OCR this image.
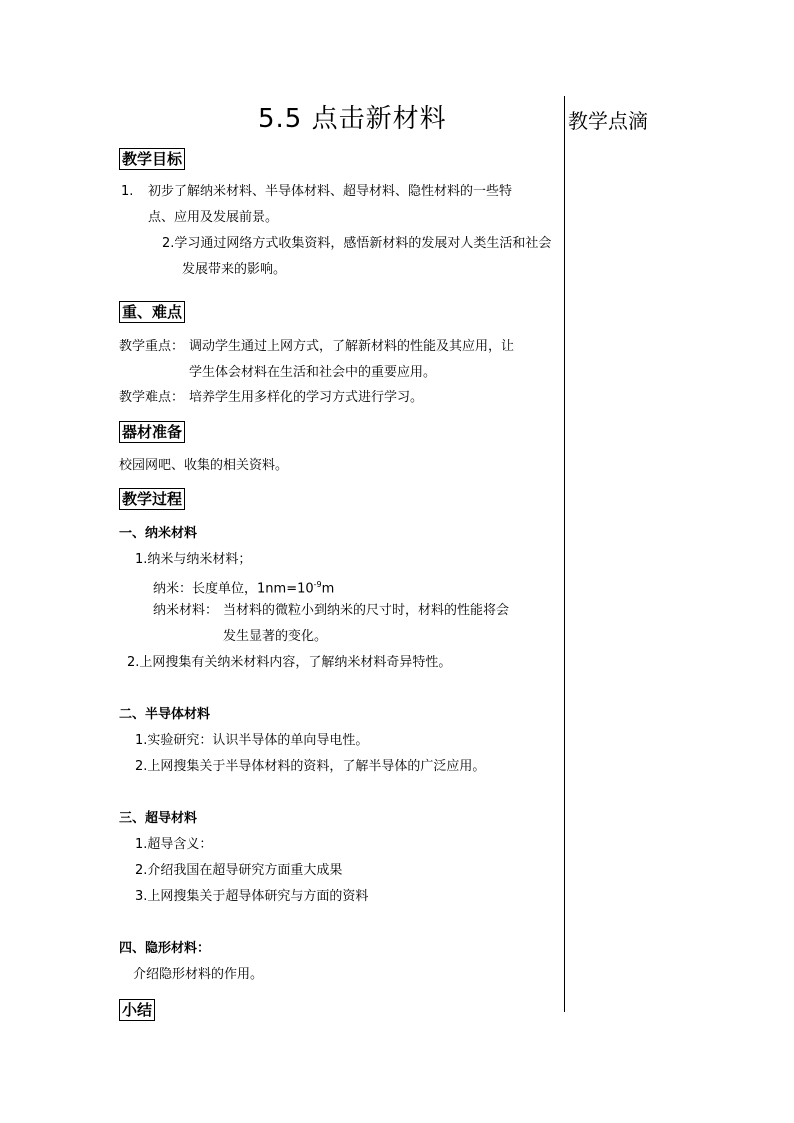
5.5 点击新材料	教学点滴
教学目标
1. 初步了解纳米材料、半导体材料、超导材料、隐性材料的一些特
点、应用及发展前景。
2.学习通过网络方式收集资料，感悟新材料的发展对人类生活和社会
发展带来的影响。
重、难点
教学重点： 调动学生通过上网方式，了解新材料的性能及其应用，让
学生体会材料在生活和社会中的重要应用。
教学难点： 培养学生用多样化的学习方式进行学习。
器材准备
校园网吧、收集的相关资料。
教学过程
一、纳米材料
1.纳米与纳米材料；
纳米：长度单位，$1nm=10^{-9}m$
纳米材料： 当材料的微粒小到纳米的尺寸时，材料的性能将会
发生显著的变化。
2.上网搜集有关纳米材料内容，了解纳米材料奇异特性。
二、半导体材料
1.实验研究：认识半导体的单向导电性。
2.上网搜集关于半导体材料的资料，了解半导体的广泛应用。
三、超导材料
1.超导含义：
2.介绍我国在超导研究方面重大成果
3.上网搜集关于超导体研究与方面的资料
四、隐形材料：
介绍隐形材料的作用。
小结
